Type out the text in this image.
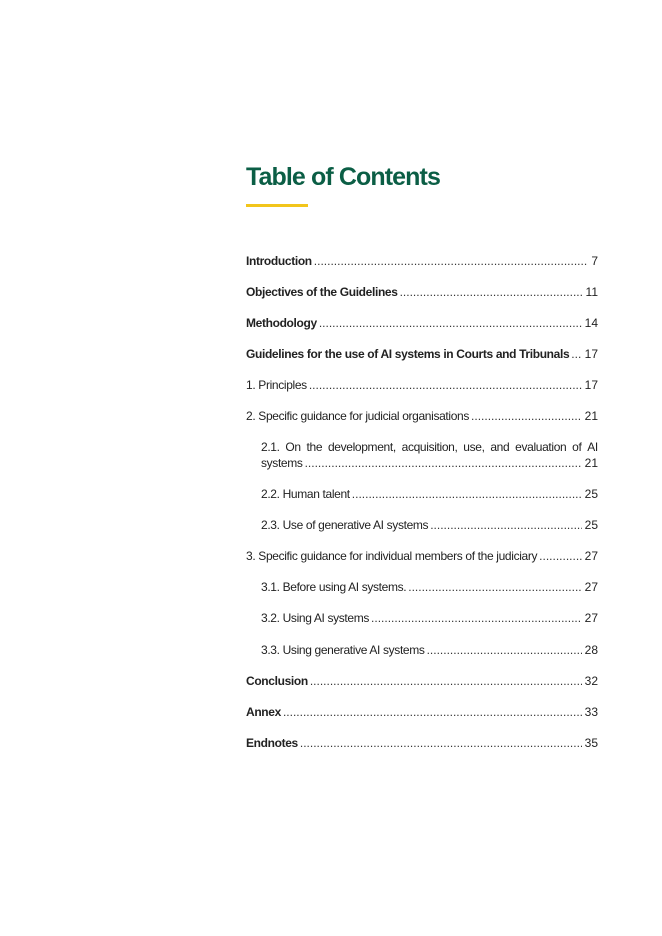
Table of Contents
Introduction .....	7
Objectives of the Guidelines .....	11
Methodology .....	14
Guidelines for the use of AI systems in Courts and Tribunals ..... 17
1. Principles .....	17
2. Specific guidance for judicial organisations .....	21
2.1. On the development, acquisition, use, and evaluation of AI
systems .....	21
2.2. Human talent .....	25
2.3. Use of generative AI systems .....	25
3. Specific guidance for individual members of the judiciary .....	27
3.1. Before using AI systems. .....	27
3.2. Using AI systems .....	27
3.3. Using generative AI systems .....	28
Conclusion .....	32
Annex .....	33
Endnotes .....	35
